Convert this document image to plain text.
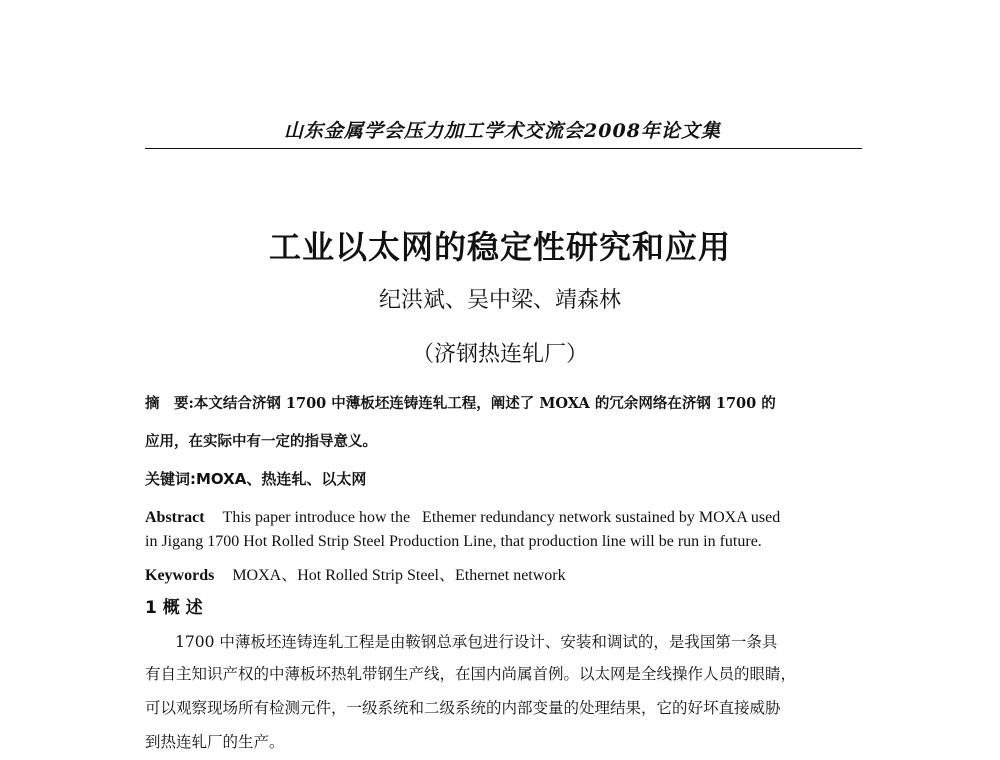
山东金属学会压力加工学术交流会2008年论文集
工业以太网的稳定性研究和应用
纪洪斌、吴中梁、靖森林
（济钢热连轧厂）
摘　要:本文结合济钢 1700 中薄板坯连铸连轧工程，阐述了 MOXA 的冗余网络在济钢 1700 的
应用，在实际中有一定的指导意义。
关键词:MOXA、热连轧、以太网
Abstract This paper introduce how the   Ethemer redundancy network sustained by MOXA used
in Jigang 1700 Hot Rolled Strip Steel Production Line, that production line will be run in future.
Keywords MOXA、Hot Rolled Strip Steel、Ethernet network
1 概 述
1700 中薄板坯连铸连轧工程是由鞍钢总承包进行设计、安装和调试的，是我国第一条具
有自主知识产权的中薄板坏热轧带钢生产线，在国内尚属首例。以太网是全线操作人员的眼睛，
可以观察现场所有检测元件，一级系统和二级系统的内部变量的处理结果，它的好坏直接威胁
到热连轧厂的生产。
